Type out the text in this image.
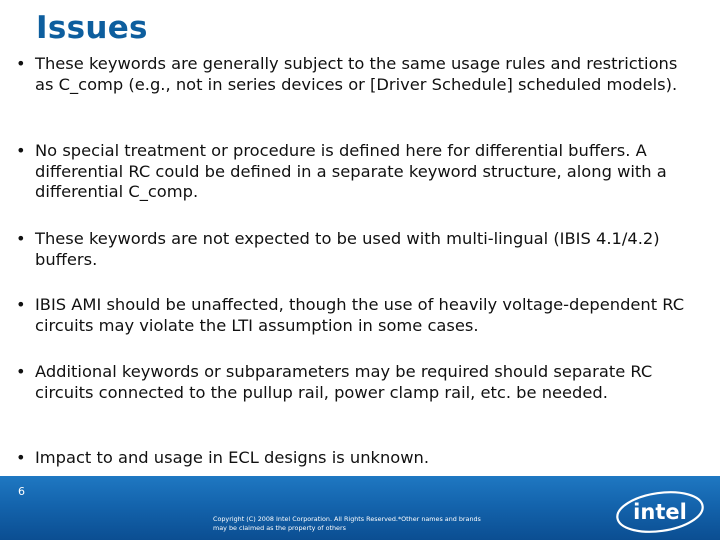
Issues
• These keywords are generally subject to the same usage rules and restrictions as C_comp (e.g., not in series devices or [Driver Schedule] scheduled models).
• No special treatment or procedure is defined here for differential buffers. A differential RC could be defined in a separate keyword structure, along with a differential C_comp.
• These keywords are not expected to be used with multi-lingual (IBIS 4.1/4.2) buffers.
• IBIS AMI should be unaffected, though the use of heavily voltage-dependent RC circuits may violate the LTI assumption in some cases.
• Additional keywords or subparameters may be required should separate RC circuits connected to the pullup rail, power clamp rail, etc. be needed.
• Impact to and usage in ECL designs is unknown.
6
Copyright (C) 2008 Intel Corporation. All Rights Reserved.*Other names and brands
may be claimed as the property of others
intel
